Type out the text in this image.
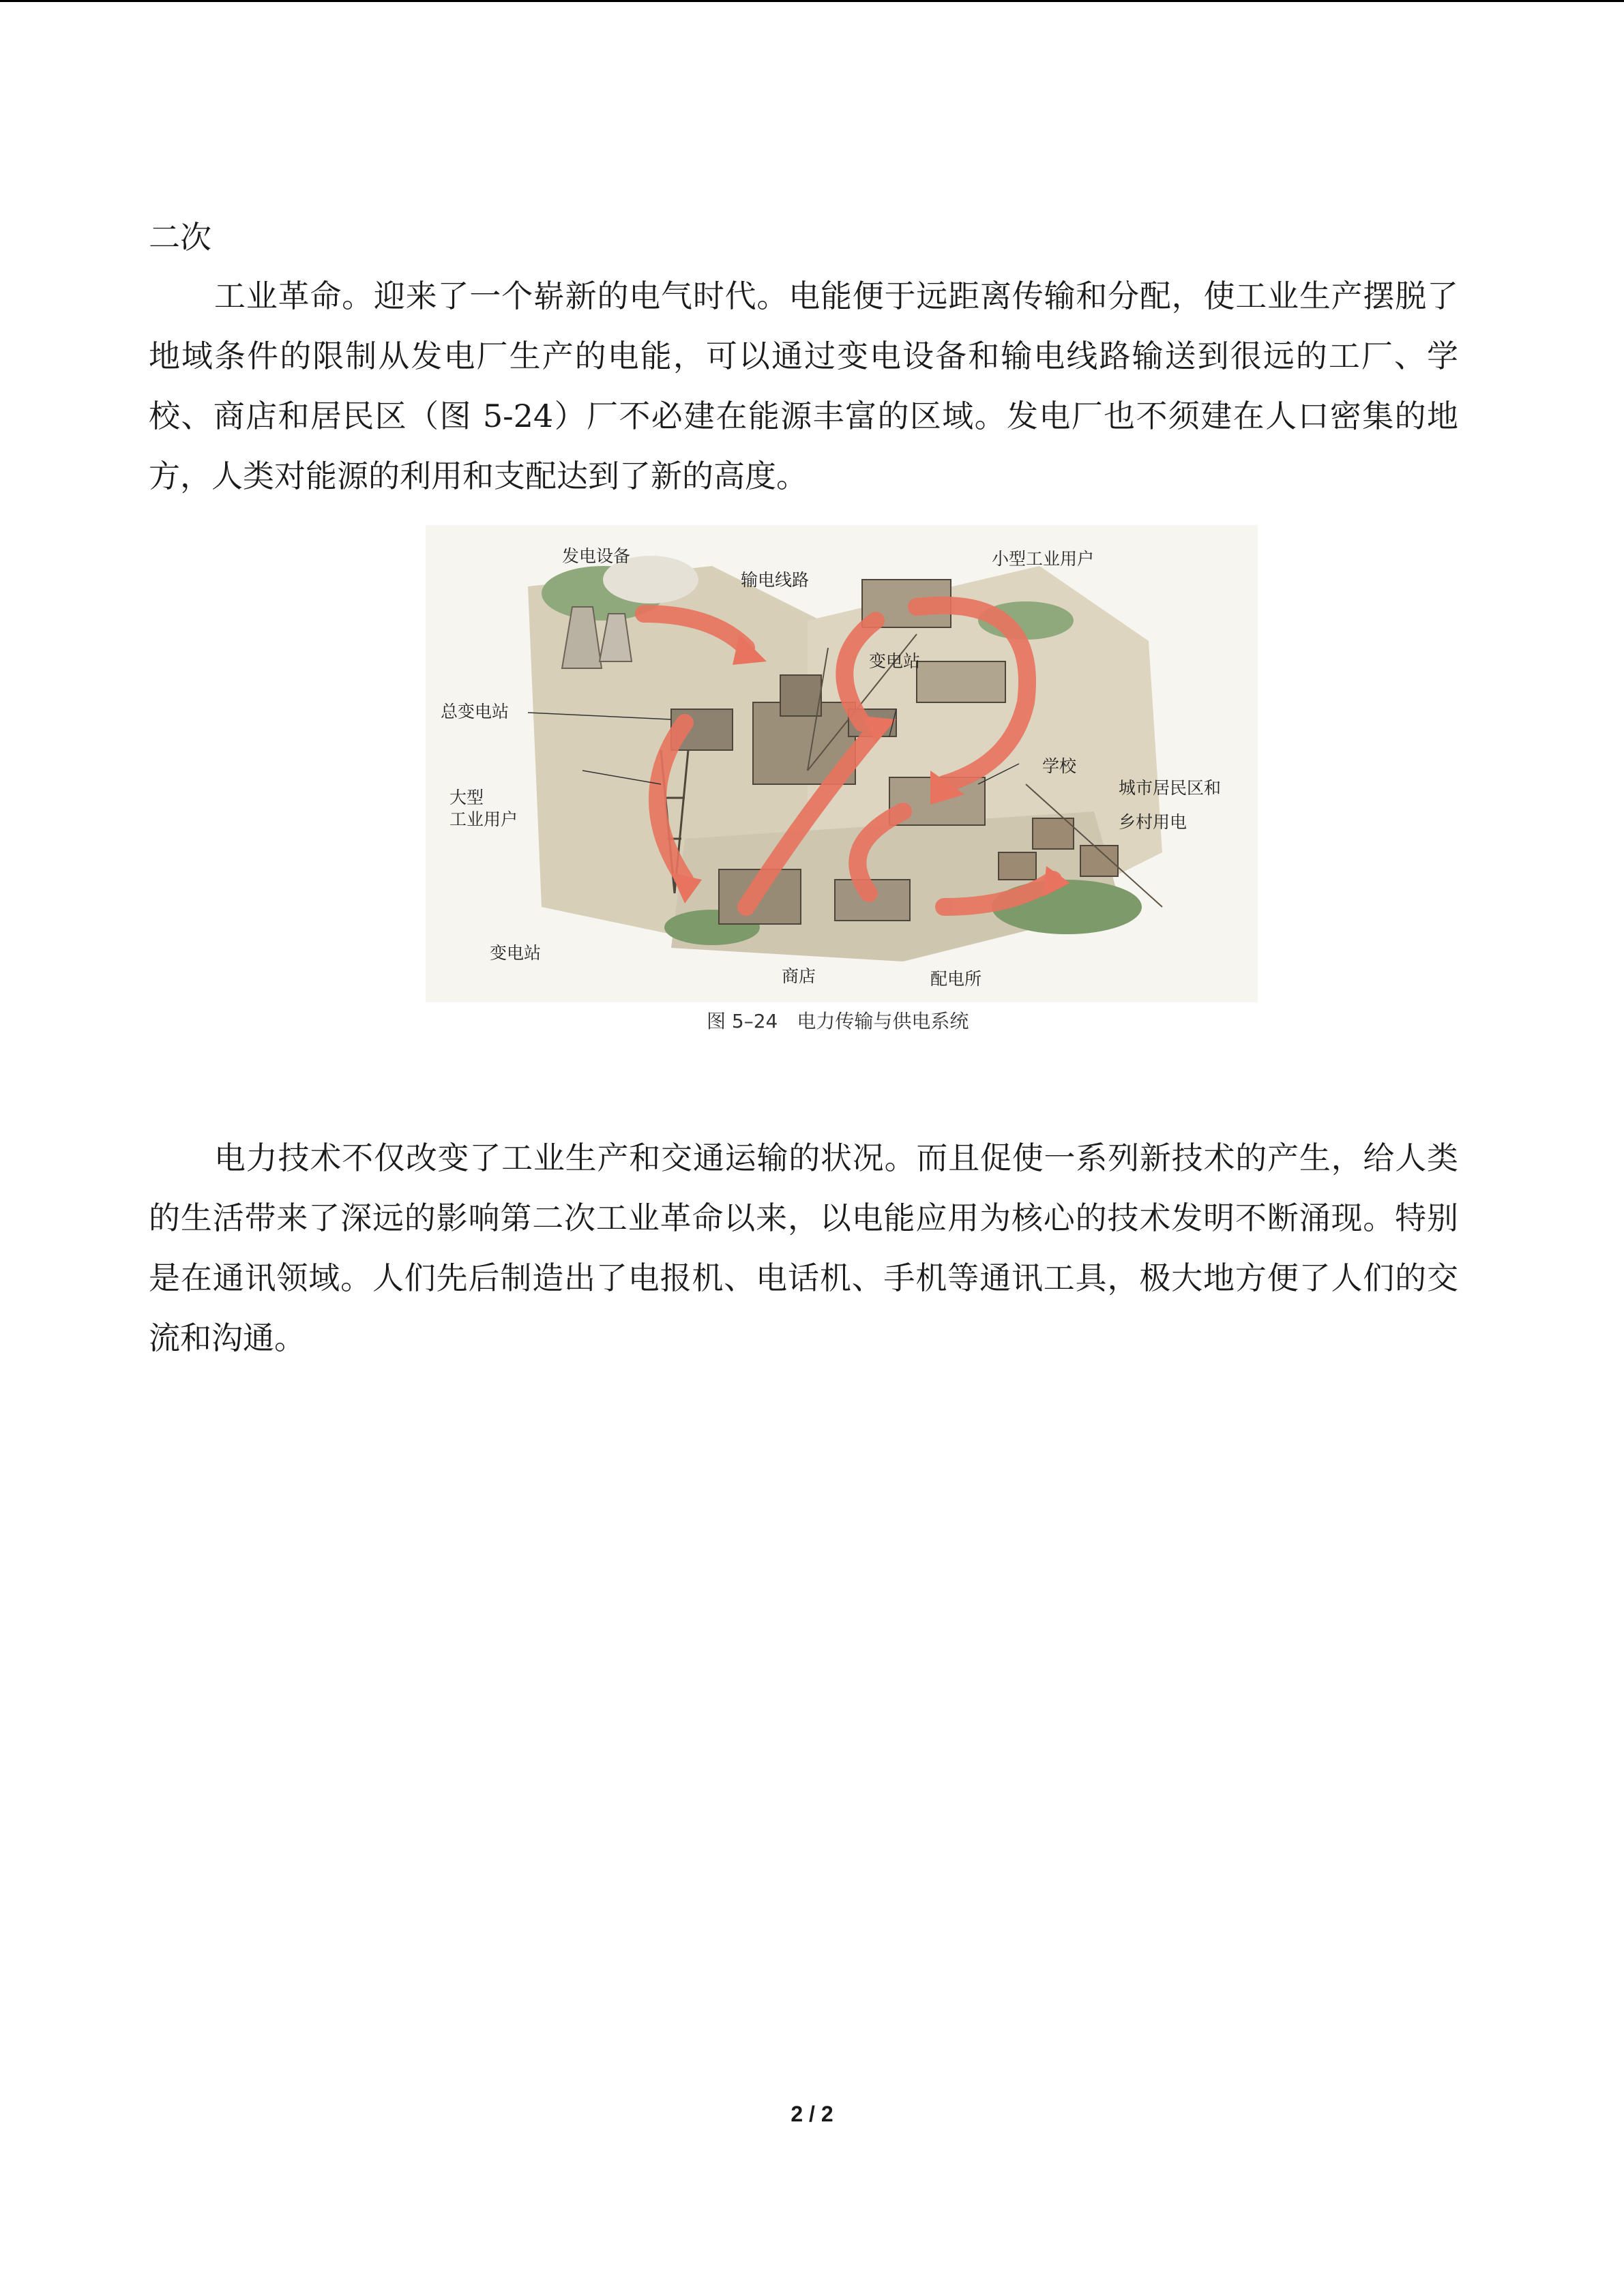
二次

工业革命。迎来了一个崭新的电气时代。电能便于远距离传输和分配，使工业生产摆脱了地域条件的限制从发电厂生产的电能，可以通过变电设备和输电线路输送到很远的工厂、学校、商店和居民区（图 5-24）厂不必建在能源丰富的区域。发电厂也不须建在人口密集的地方，人类对能源的利用和支配达到了新的高度。

发电设备
输电线路
小型工业用户
变电站
总变电站
大型
工业用户
学校
城市居民区和
乡村用电
变电站
商店	配电所
图 5–24　电力传输与供电系统

电力技术不仅改变了工业生产和交通运输的状况。而且促使一系列新技术的产生，给人类的生活带来了深远的影响第二次工业革命以来，以电能应用为核心的技术发明不断涌现。特别是在通讯领域。人们先后制造出了电报机、电话机、手机等通讯工具，极大地方便了人们的交流和沟通。

2 / 2
